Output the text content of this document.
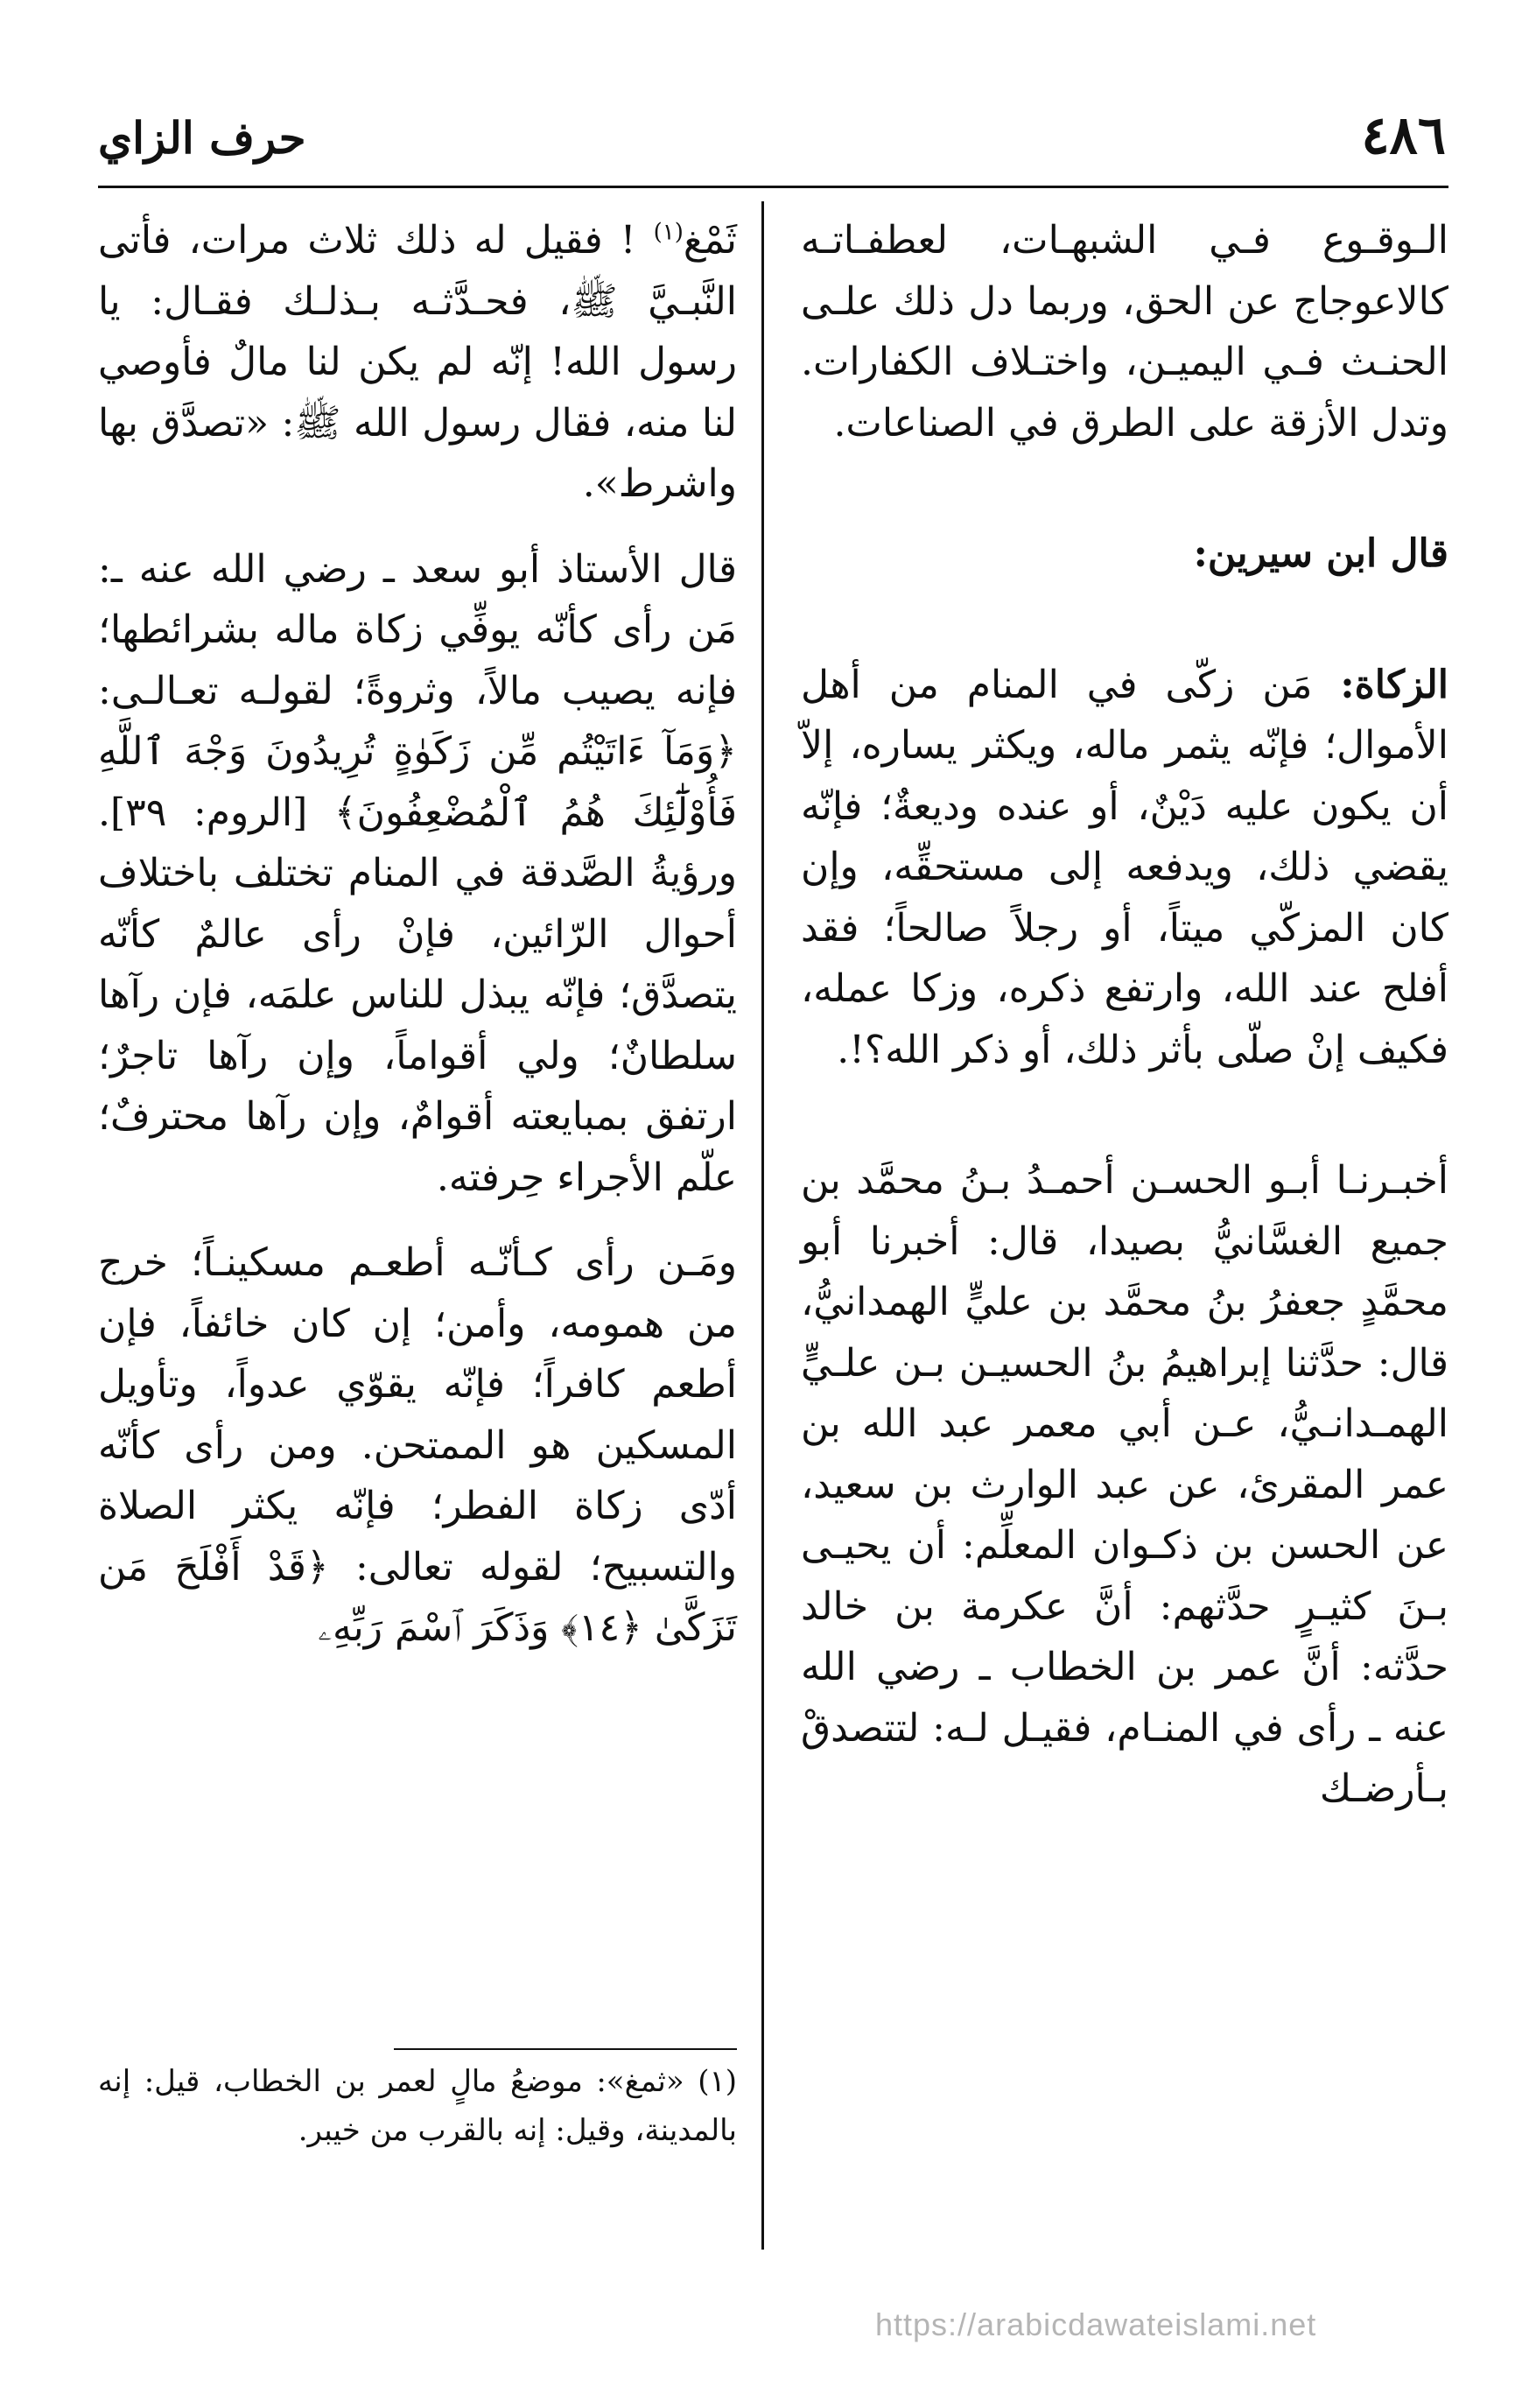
٤٨٦
حرف الزاي

الـوقـوع فـي الشبهـات، لعطفـاتـه كالاعوجاج عن الحق، وربما دل ذلك علـى الحنـث فـي اليميـن، واختـلاف الكفارات. وتدل الأزقة على الطرق في الصناعات.

قال ابن سيرين:

الزكاة: مَن زكّى في المنام من أهل الأموال؛ فإنّه يثمر ماله، ويكثر يساره، إلاّ أن يكون عليه دَيْنٌ، أو عنده وديعةٌ؛ فإنّه يقضي ذلك، ويدفعه إلى مستحقِّه، وإن كان المزكّي ميتاً، أو رجلاً صالحاً؛ فقد أفلح عند الله، وارتفع ذكره، وزكا عمله، فكيف إنْ صلّى بأثر ذلك، أو ذكر الله؟!.

أخبـرنـا أبـو الحسـن أحمـدُ بـنُ محمَّد بن جميع الغسَّانيُّ بصيدا، قال: أخبرنا أبو محمَّدٍ جعفرُ بنُ محمَّد بن عليٍّ الهمدانيُّ، قال: حدَّثنا إبراهيمُ بنُ الحسيـن بـن علـيٍّ الهمـدانـيُّ، عـن أبي معمر عبد الله بن عمر المقرئ، عن عبد الوارث بن سعيد، عن الحسن بن ذكـوان المعلِّم: أن يحيـى بـنَ كثيـرٍ حدَّثهم: أنَّ عكرمة بن خالد حدَّثه: أنَّ عمر بن الخطاب ـ رضي الله عنه ـ رأى في المنـام، فقيـل لـه: لتتصدقْ بـأرضـك

ثَمْغ$^{(١)}$ ! فقيل له ذلك ثلاث مرات، فأتى النَّبـيَّ ﷺ، فحـدَّثـه بـذلـك فقـال: يا رسول الله! إنّه لم يكن لنا مالٌ فأوصي لنا منه، فقال رسول الله ﷺ: «تصدَّق بها واشرط».

قال الأستاذ أبو سعد ـ رضي الله عنه ـ: مَن رأى كأنّه يوفِّي زكاة ماله بشرائطها؛ فإنه يصيب مالاً، وثروةً؛ لقولـه تعـالـى: ﴿وَمَآ ءَاتَيْتُم مِّن زَكَوٰةٍ تُرِيدُونَ وَجْهَ ٱللَّهِ فَأُوْلَٰٓئِكَ هُمُ ٱلْمُضْعِفُونَ﴾ [الروم: ٣٩]. ورؤيةُ الصَّدقة في المنام تختلف باختلاف أحوال الرّائين، فإنْ رأى عالمٌ كأنّه يتصدَّق؛ فإنّه يبذل للناس علمَه، فإن رآها سلطانٌ؛ ولي أقواماً، وإن رآها تاجرٌ؛ ارتفق بمبايعته أقوامٌ، وإن رآها محترفٌ؛ علّم الأجراء حِرفته.

ومَـن رأى كـأنّـه أطعـم مسكينـاً؛ خرج من همومه، وأمن؛ إن كان خائفاً، فإن أطعم كافراً؛ فإنّه يقوّي عدواً، وتأويل المسكين هو الممتحن. ومن رأى كأنّه أدّى زكاة الفطر؛ فإنّه يكثر الصلاة والتسبيح؛ لقوله تعالى: ﴿قَدْ أَفْلَحَ مَن تَزَكَّىٰ ﴿١٤﴾ وَذَكَرَ ٱسْمَ رَبِّهِۦ

(١) «ثمغ»: موضعُ مالٍ لعمر بن الخطاب، قيل: إنه بالمدينة، وقيل: إنه بالقرب من خيبر.

https://arabicdawateislami.net
